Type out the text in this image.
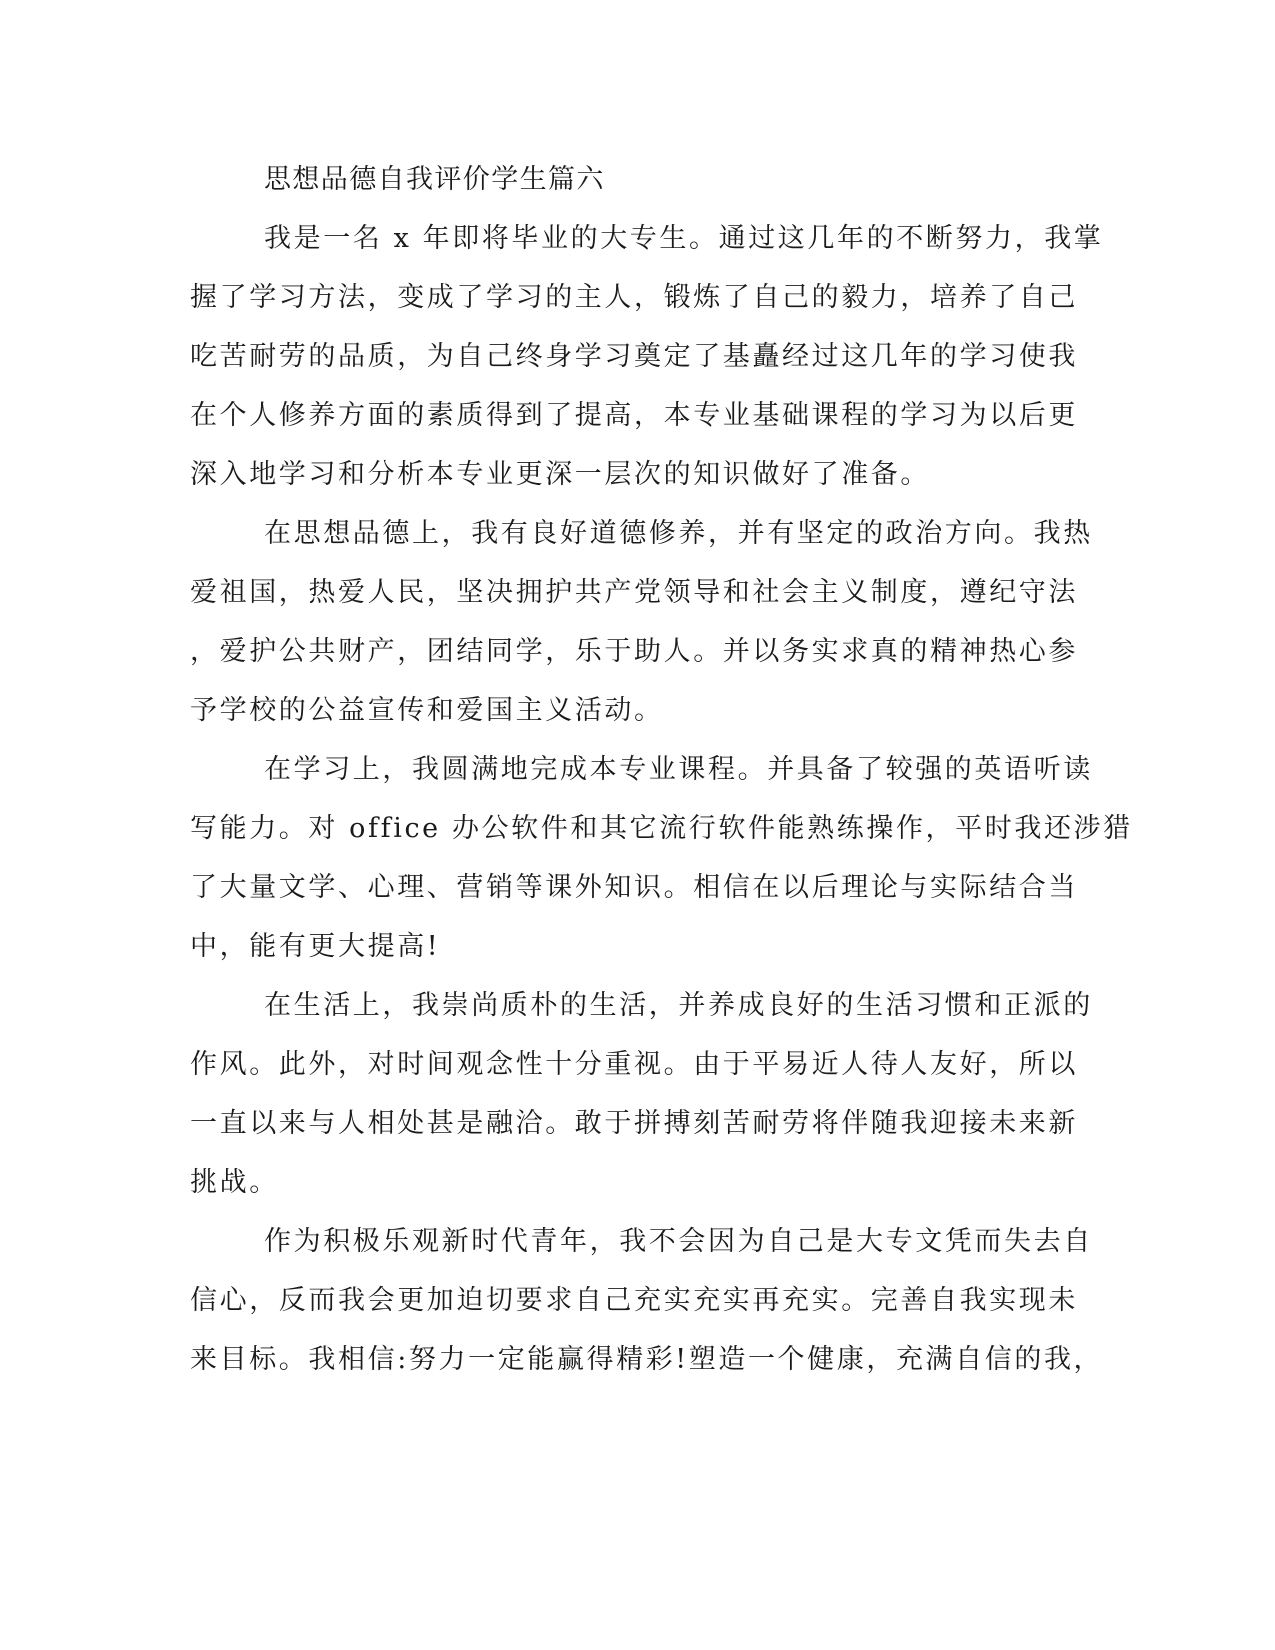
思想品德自我评价学生篇六

我是一名 x 年即将毕业的大专生。通过这几年的不断努力，我掌

握了学习方法，变成了学习的主人，锻炼了自己的毅力，培养了自己

吃苦耐劳的品质，为自己终身学习奠定了基矗经过这几年的学习使我

在个人修养方面的素质得到了提高，本专业基础课程的学习为以后更

深入地学习和分析本专业更深一层次的知识做好了准备。

在思想品德上，我有良好道德修养，并有坚定的政治方向。我热

爱祖国，热爱人民，坚决拥护共产党领导和社会主义制度，遵纪守法

，爱护公共财产，团结同学，乐于助人。并以务实求真的精神热心参

予学校的公益宣传和爱国主义活动。

在学习上，我圆满地完成本专业课程。并具备了较强的英语听读

写能力。对 office 办公软件和其它流行软件能熟练操作，平时我还涉猎

了大量文学、心理、营销等课外知识。相信在以后理论与实际结合当

中，能有更大提高!

在生活上，我崇尚质朴的生活，并养成良好的生活习惯和正派的

作风。此外，对时间观念性十分重视。由于平易近人待人友好，所以

一直以来与人相处甚是融洽。敢于拼搏刻苦耐劳将伴随我迎接未来新

挑战。

作为积极乐观新时代青年，我不会因为自己是大专文凭而失去自

信心，反而我会更加迫切要求自己充实充实再充实。完善自我实现未

来目标。我相信:努力一定能赢得精彩!塑造一个健康，充满自信的我，
